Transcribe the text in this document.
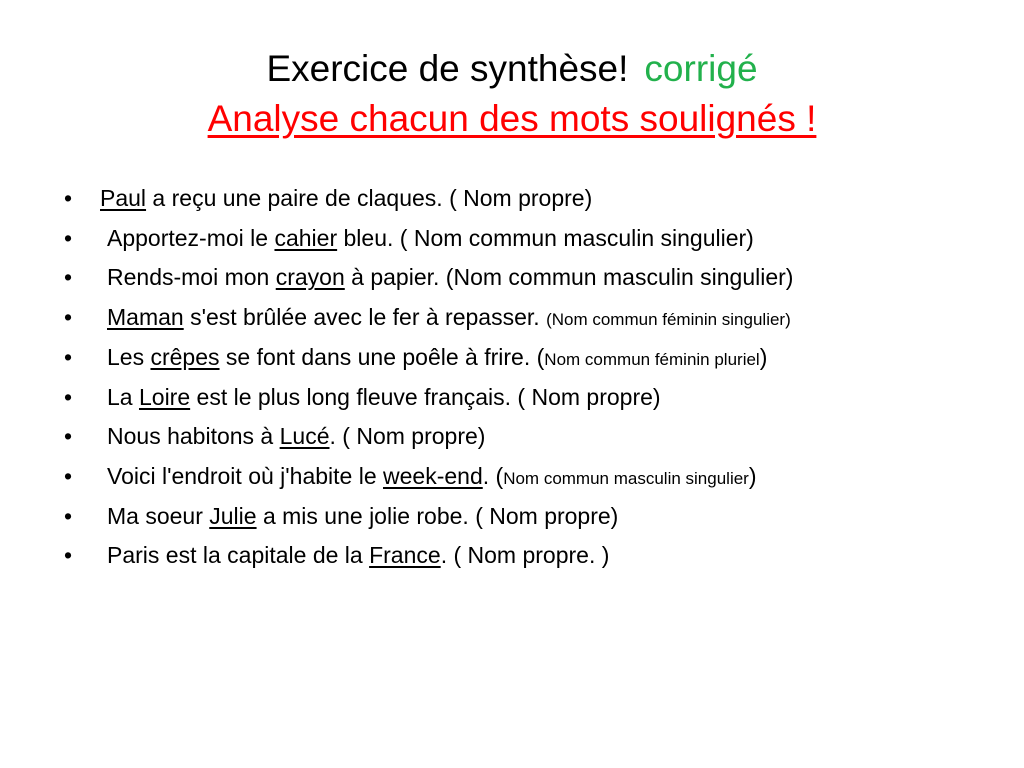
Exercice de synthèse! corrigé
Analyse chacun des mots soulignés !
•	Paul a reçu une paire de claques. ( Nom propre)
•	Apportez-moi le cahier bleu. ( Nom commun masculin singulier)
•	Rends-moi mon crayon à papier. (Nom commun masculin singulier)
•	Maman s'est brûlée avec le fer à repasser. (Nom commun féminin singulier)
•	Les crêpes se font dans une poêle à frire. (Nom commun féminin pluriel)
•	La Loire est le plus long fleuve français. ( Nom propre)
•	Nous habitons à Lucé. ( Nom propre)
•	Voici l'endroit où j'habite le week-end. (Nom commun masculin singulier)
•	Ma soeur Julie a mis une jolie robe. ( Nom propre)
•	Paris est la capitale de la France. ( Nom propre. )
